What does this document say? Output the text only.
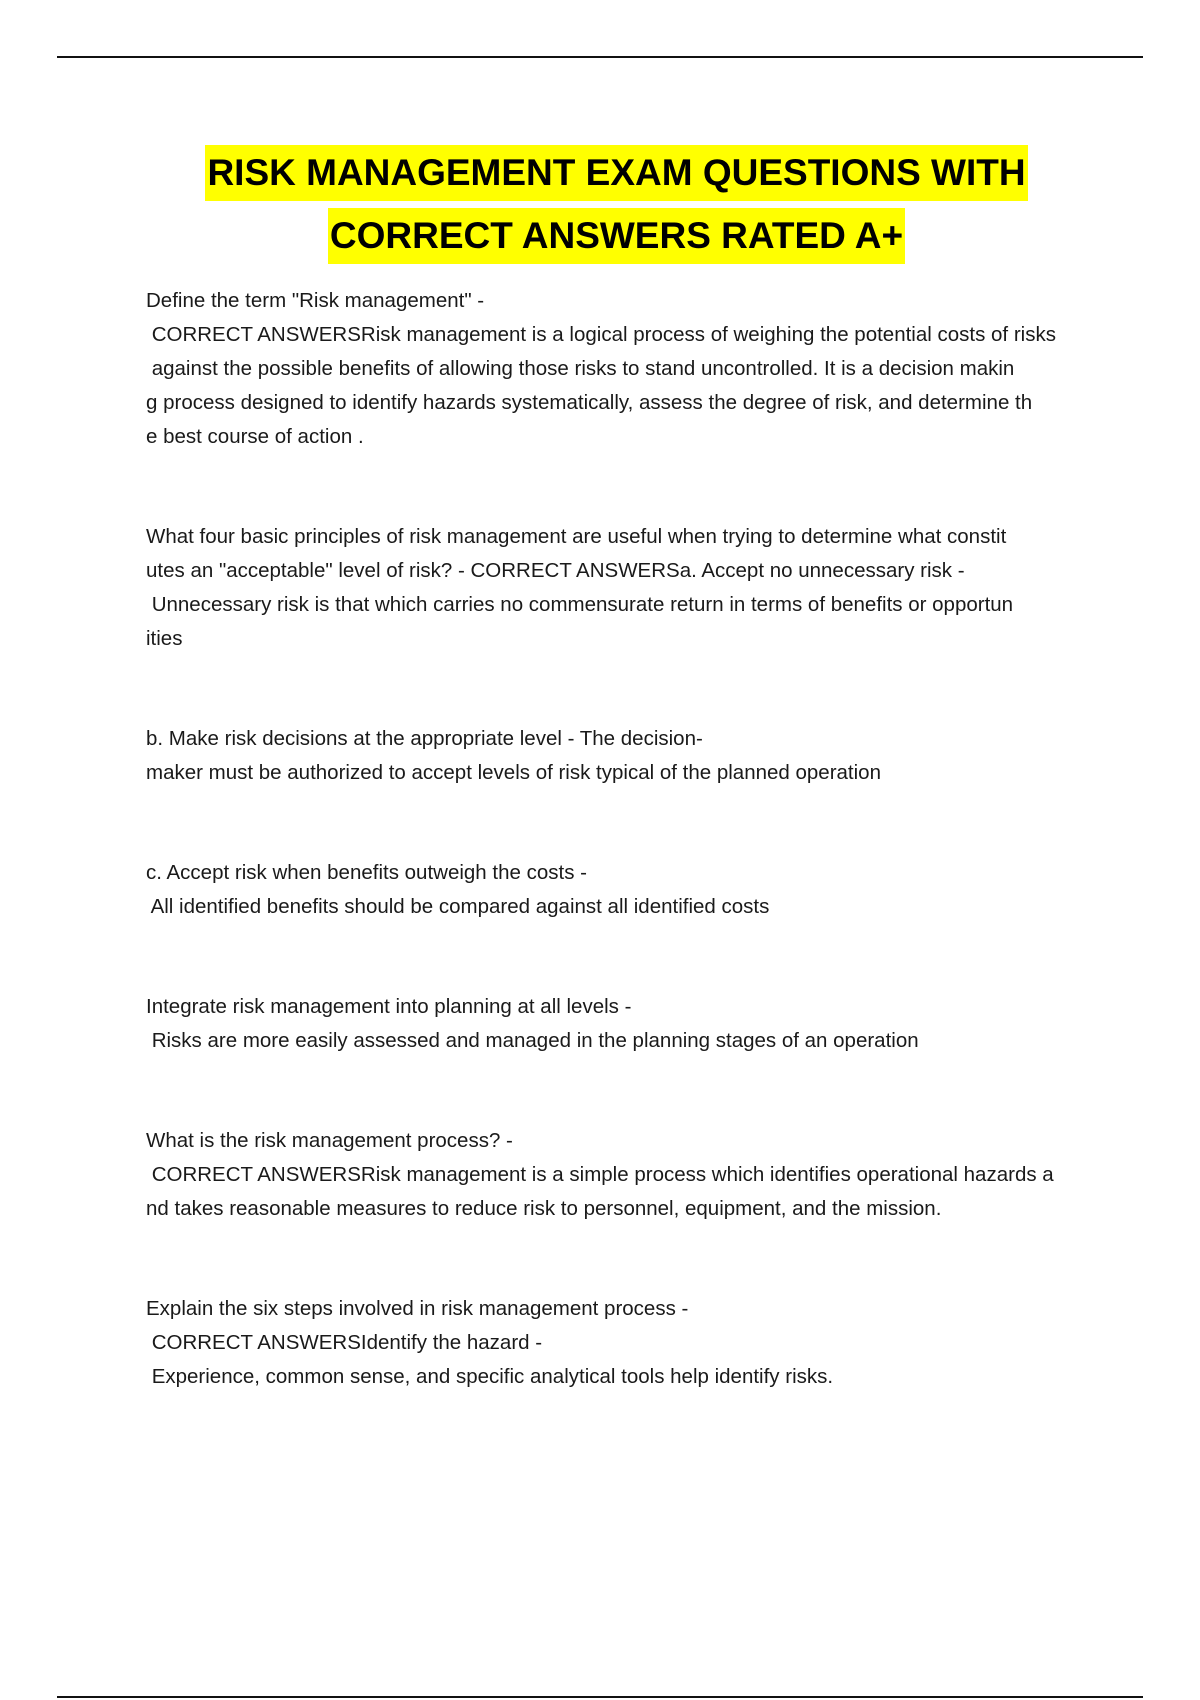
RISK MANAGEMENT EXAM QUESTIONS WITH
CORRECT ANSWERS RATED A+
Define the term "Risk management" -
CORRECT ANSWERSRisk management is a logical process of weighing the potential costs of risks
against the possible benefits of allowing those risks to stand uncontrolled. It is a decision makin
g process designed to identify hazards systematically, assess the degree of risk, and determine th
e best course of action .
What four basic principles of risk management are useful when trying to determine what constit
utes an "acceptable" level of risk? - CORRECT ANSWERSa. Accept no unnecessary risk -
Unnecessary risk is that which carries no commensurate return in terms of benefits or opportun
ities
b. Make risk decisions at the appropriate level - The decision-
maker must be authorized to accept levels of risk typical of the planned operation
c. Accept risk when benefits outweigh the costs -
All identified benefits should be compared against all identified costs
Integrate risk management into planning at all levels -
Risks are more easily assessed and managed in the planning stages of an operation
What is the risk management process? -
CORRECT ANSWERSRisk management is a simple process which identifies operational hazards a
nd takes reasonable measures to reduce risk to personnel, equipment, and the mission.
Explain the six steps involved in risk management process -
CORRECT ANSWERSIdentify the hazard -
Experience, common sense, and specific analytical tools help identify risks.
